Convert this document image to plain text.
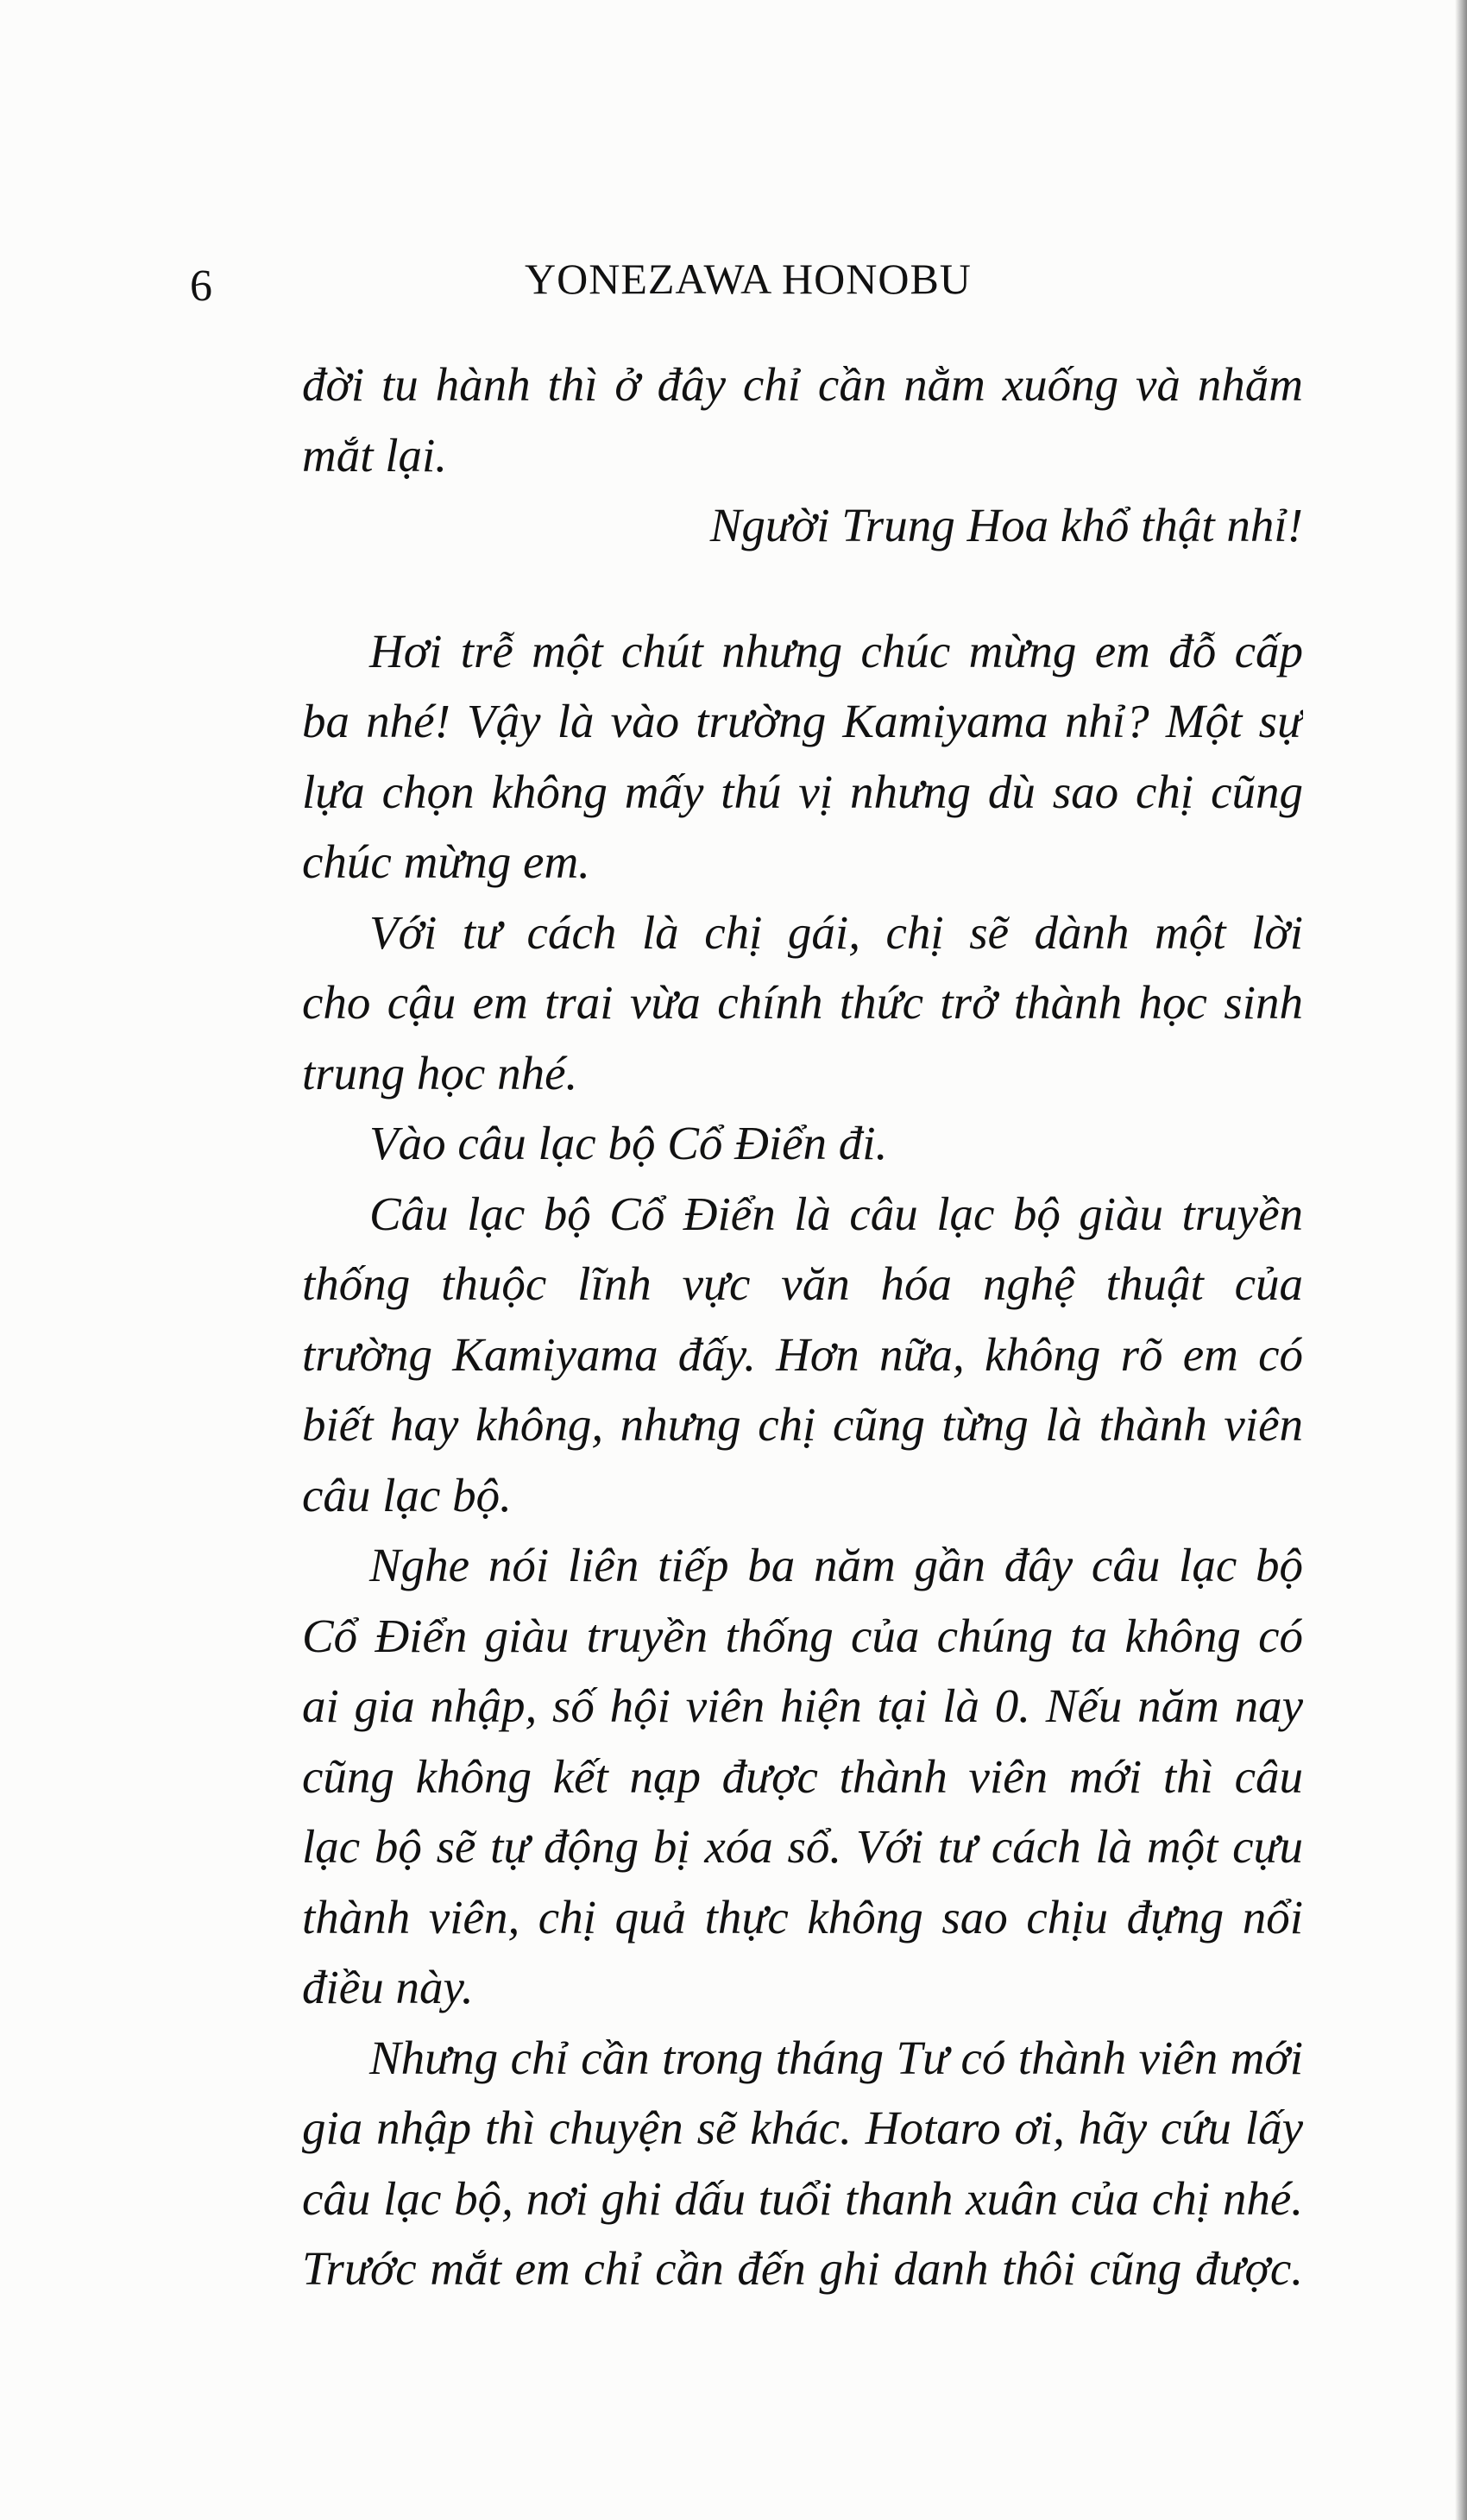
6	YONEZAWA HONOBU
đời tu hành thì ở đây chỉ cần nằm xuống và nhắm
mắt lại.
Người Trung Hoa khổ thật nhỉ!
Hơi trễ một chút nhưng chúc mừng em đỗ cấp
ba nhé! Vậy là vào trường Kamiyama nhỉ? Một sự
lựa chọn không mấy thú vị nhưng dù sao chị cũng
chúc mừng em.
Với tư cách là chị gái, chị sẽ dành một lời
cho cậu em trai vừa chính thức trở thành học sinh
trung học nhé.
Vào câu lạc bộ Cổ Điển đi.
Câu lạc bộ Cổ Điển là câu lạc bộ giàu truyền
thống thuộc lĩnh vực văn hóa nghệ thuật của
trường Kamiyama đấy. Hơn nữa, không rõ em có
biết hay không, nhưng chị cũng từng là thành viên
câu lạc bộ.
Nghe nói liên tiếp ba năm gần đây câu lạc bộ
Cổ Điển giàu truyền thống của chúng ta không có
ai gia nhập, số hội viên hiện tại là 0. Nếu năm nay
cũng không kết nạp được thành viên mới thì câu
lạc bộ sẽ tự động bị xóa sổ. Với tư cách là một cựu
thành viên, chị quả thực không sao chịu đựng nổi
điều này.
Nhưng chỉ cần trong tháng Tư có thành viên mới
gia nhập thì chuyện sẽ khác. Hotaro ơi, hãy cứu lấy
câu lạc bộ, nơi ghi dấu tuổi thanh xuân của chị nhé.
Trước mắt em chỉ cần đến ghi danh thôi cũng được.
